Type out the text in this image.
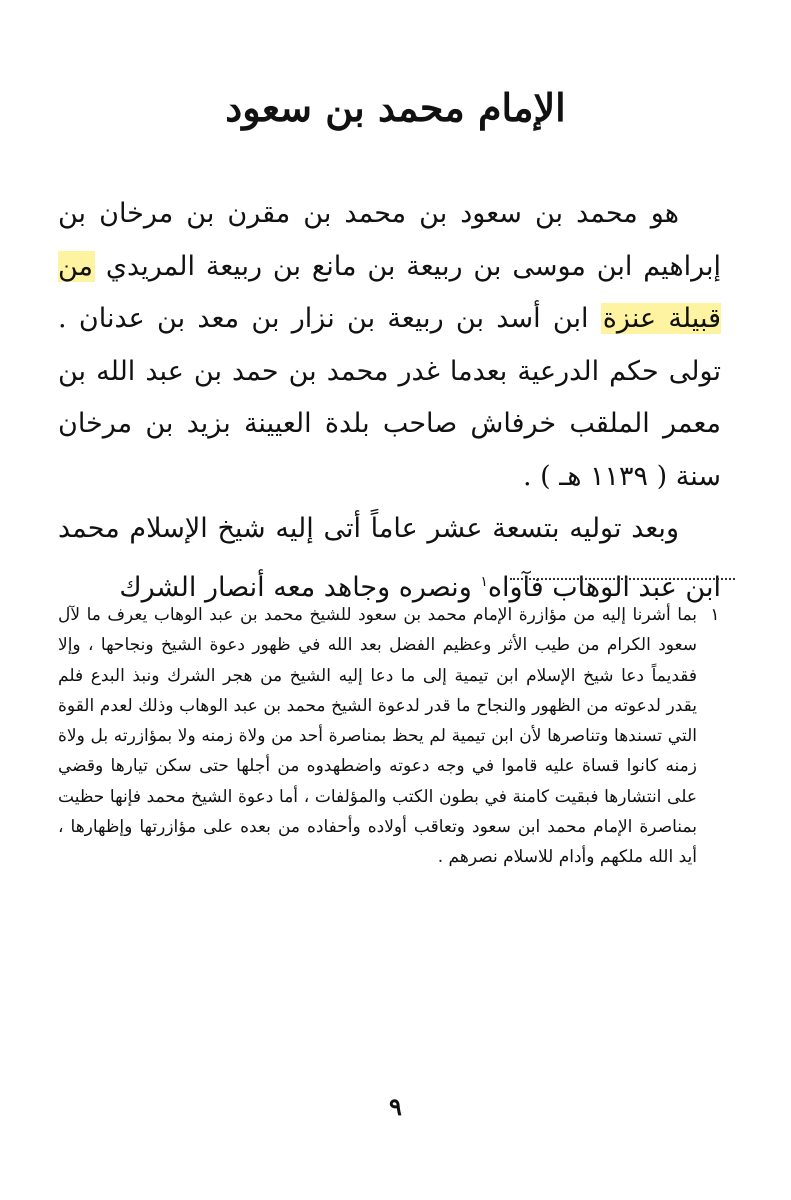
الإمام محمد بن سعود

هو محمد بن سعود بن محمد بن مقرن بن مرخان بن إبراهيم ابن موسى بن ربيعة بن مانع بن ربيعة المريدي من قبيلة عنزة ابن أسد بن ربيعة بن نزار بن معد بن عدنان . تولى حكم الدرعية بعدما غدر محمد بن حمد بن عبد الله بن معمر الملقب خرفاش صاحب بلدة العيينة بزيد بن مرخان سنة ( ١١٣٩ هـ ) .

وبعد توليه بتسعة عشر عاماً أتى إليه شيخ الإسلام محمد ابن عبد الوهاب فآواه$^١$ ونصره وجاهد معه أنصار الشرك

١
بما أشرنا إليه من مؤازرة الإمام محمد بن سعود للشيخ محمد بن عبد الوهاب يعرف ما لآل سعود الكرام من طيب الأثر وعظيم الفضل بعد الله في ظهور دعوة الشيخ ونجاحها ، وإلا فقديماً دعا شيخ الإسلام ابن تيمية إلى ما دعا إليه الشيخ من هجر الشرك ونبذ البدع فلم يقدر لدعوته من الظهور والنجاح ما قدر لدعوة الشيخ محمد بن عبد الوهاب وذلك لعدم القوة التي تسندها وتناصرها لأن ابن تيمية لم يحظ بمناصرة أحد من ولاة زمنه ولا بمؤازرته بل ولاة زمنه كانوا قساة عليه قاموا في وجه دعوته واضطهدوه من أجلها حتى سكن تيارها وقضي على انتشارها فبقيت كامنة في بطون الكتب والمؤلفات ، أما دعوة الشيخ محمد فإنها حظيت بمناصرة الإمام محمد ابن سعود وتعاقب أولاده وأحفاده من بعده على مؤازرتها وإظهارها ، أيد الله ملكهم وأدام للاسلام نصرهم .
٩
